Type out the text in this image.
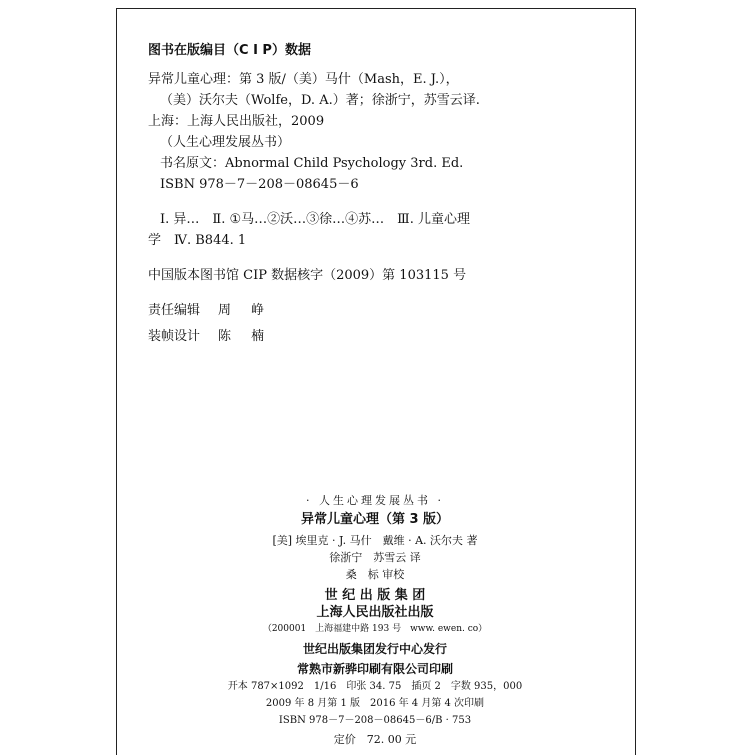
图书在版编目（C I P）数据
异常儿童心理：第 3 版/（美）马什（Mash，E. J.），
（美）沃尔夫（Wolfe，D. A.）著；徐浙宁，苏雪云译.
上海：上海人民出版社，2009
（人生心理发展丛书）
书名原文：Abnormal Child Psychology 3rd. Ed.
ISBN 978－7－208－08645－6
Ⅰ. 异…　Ⅱ. ①马…②沃…③徐…④苏…　Ⅲ. 儿童心理
学　Ⅳ. B844. 1
中国版本图书馆 CIP 数据核字（2009）第 103115 号
责任编辑	周 峥
装帧设计	陈 楠
· 人生心理发展丛书 ·
异常儿童心理（第 3 版）
[美] 埃里克 · J. 马什　戴维 · A. 沃尔夫 著
徐浙宁　苏雪云 译
桑　标 审校
世 纪 出 版 集 团
上海人民出版社出版
（200001　上海福建中路 193 号　www. ewen. co）
世纪出版集团发行中心发行
常熟市新骅印刷有限公司印刷
开本 787×1092　1/16　印张 34. 75　插页 2　字数 935，000
2009 年 8 月第 1 版　2016 年 4 月第 4 次印刷
ISBN 978－7－208－08645－6/B · 753
定价　72. 00 元
